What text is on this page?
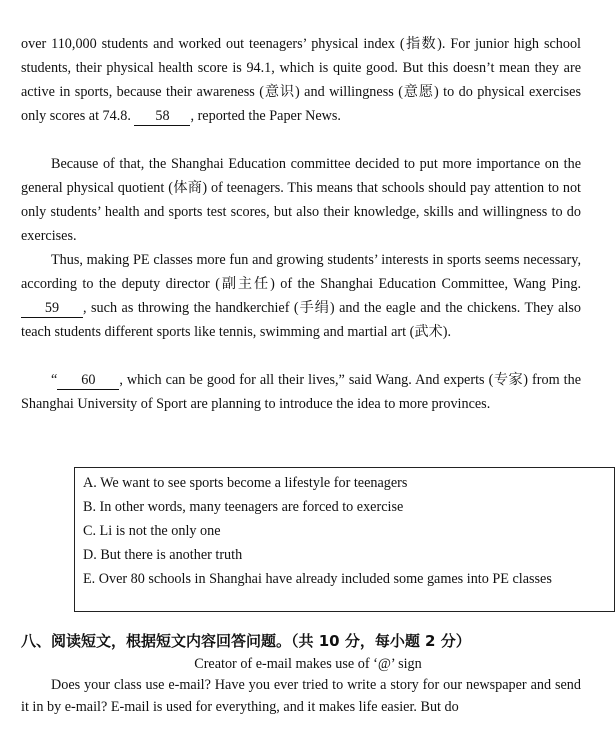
over 110,000 students and worked out teenagers’ physical index (指数). For junior high school students, their physical health score is 94.1, which is quite good. But this doesn’t mean they are active in sports, because their awareness (意识) and willingness (意愿) to do physical exercises only scores at 74.8. 58 , reported the Paper News.
Because of that, the Shanghai Education committee decided to put more importance on the general physical quotient (体商) of teenagers. This means that schools should pay attention to not only students’ health and sports test scores, but also their knowledge, skills and willingness to do exercises.
Thus, making PE classes more fun and growing students’ interests in sports seems necessary, according to the deputy director (副主任) of the Shanghai Education Committee, Wang Ping. 59 , such as throwing the handkerchief (手绢) and the eagle and the chickens. They also teach students different sports like tennis, swimming and martial art (武术).
“ 60 , which can be good for all their lives,” said Wang. And experts (专家) from the Shanghai University of Sport are planning to introduce the idea to more provinces.
A. We want to see sports become a lifestyle for teenagers
B. In other words, many teenagers are forced to exercise
C. Li is not the only one
D. But there is another truth
E. Over 80 schools in Shanghai have already included some games into PE classes
八、阅读短文，根据短文内容回答问题。（共 10 分，每小题 2 分）
Creator of e-mail makes use of ‘@’ sign
Does your class use e-mail? Have you ever tried to write a story for our newspaper and send it in by e-mail? E-mail is used for everything, and it makes life easier. But do
